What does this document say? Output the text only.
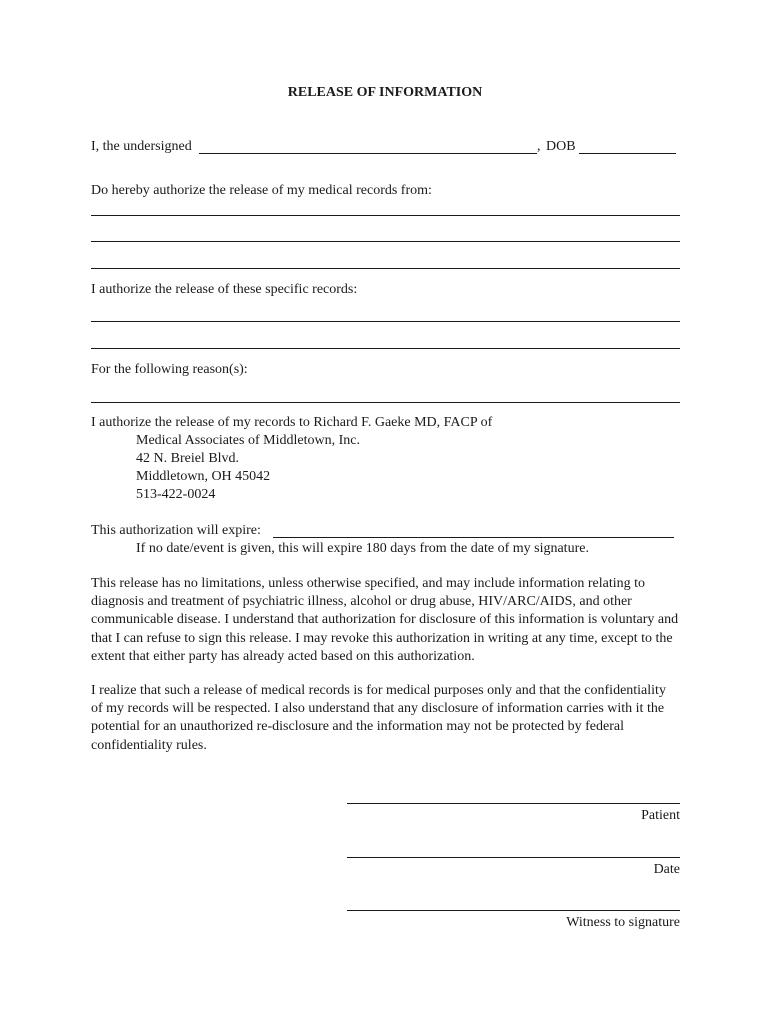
RELEASE OF INFORMATION
I, the undersigned	, DOB
Do hereby authorize the release of my medical records from:
I authorize the release of these specific records:
For the following reason(s):
I authorize the release of my records to Richard F. Gaeke MD, FACP of
Medical Associates of Middletown, Inc.
42 N. Breiel Blvd.
Middletown, OH 45042
513-422-0024
This authorization will expire:
If no date/event is given, this will expire 180 days from the date of my signature.
This release has no limitations, unless otherwise specified, and may include information relating to diagnosis and treatment of psychiatric illness, alcohol or drug abuse, HIV/ARC/AIDS, and other communicable disease. I understand that authorization for disclosure of this information is voluntary and that I can refuse to sign this release. I may revoke this authorization in writing at any time, except to the extent that either party has already acted based on this authorization.
I realize that such a release of medical records is for medical purposes only and that the confidentiality of my records will be respected. I also understand that any disclosure of information carries with it the potential for an unauthorized re-disclosure and the information may not be protected by federal confidentiality rules.
Patient
Date
Witness to signature
